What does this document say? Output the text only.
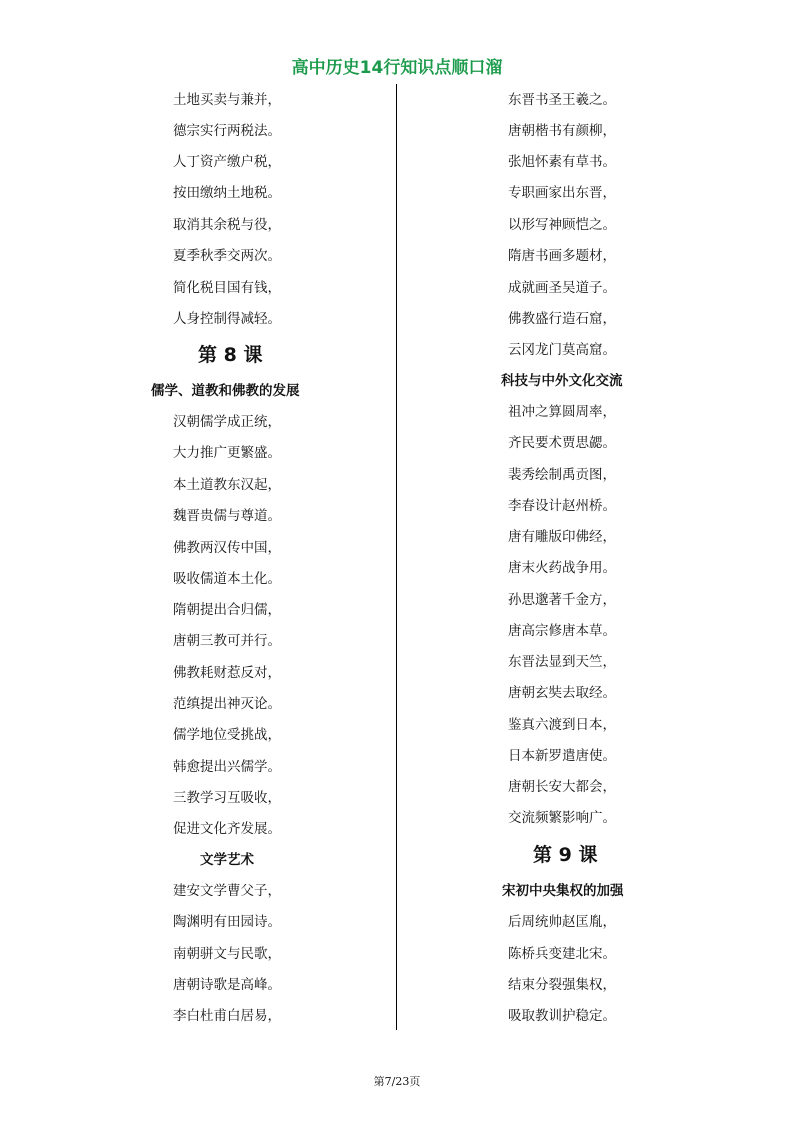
高中历史14行知识点顺口溜
土地买卖与兼并，
德宗实行两税法。
人丁资产缴户税，
按田缴纳土地税。
取消其余税与役，
夏季秋季交两次。
简化税目国有钱，
人身控制得减轻。
第 8 课
儒学、道教和佛教的发展
汉朝儒学成正统，
大力推广更繁盛。
本土道教东汉起，
魏晋贵儒与尊道。
佛教两汉传中国，
吸收儒道本土化。
隋朝提出合归儒，
唐朝三教可并行。
佛教耗财惹反对，
范缜提出神灭论。
儒学地位受挑战，
韩愈提出兴儒学。
三教学习互吸收，
促进文化齐发展。
文学艺术
建安文学曹父子，
陶渊明有田园诗。
南朝骈文与民歌，
唐朝诗歌是高峰。
李白杜甫白居易，
东晋书圣王羲之。
唐朝楷书有颜柳，
张旭怀素有草书。
专职画家出东晋，
以形写神顾恺之。
隋唐书画多题材，
成就画圣吴道子。
佛教盛行造石窟，
云冈龙门莫高窟。
科技与中外文化交流
祖冲之算圆周率，
齐民要术贾思勰。
裴秀绘制禹贡图，
李春设计赵州桥。
唐有雕版印佛经，
唐末火药战争用。
孙思邈著千金方，
唐高宗修唐本草。
东晋法显到天竺，
唐朝玄奘去取经。
鉴真六渡到日本，
日本新罗遣唐使。
唐朝长安大都会，
交流频繁影响广。
第 9 课
宋初中央集权的加强
后周统帅赵匡胤，
陈桥兵变建北宋。
结束分裂强集权，
吸取教训护稳定。
第7/23页
